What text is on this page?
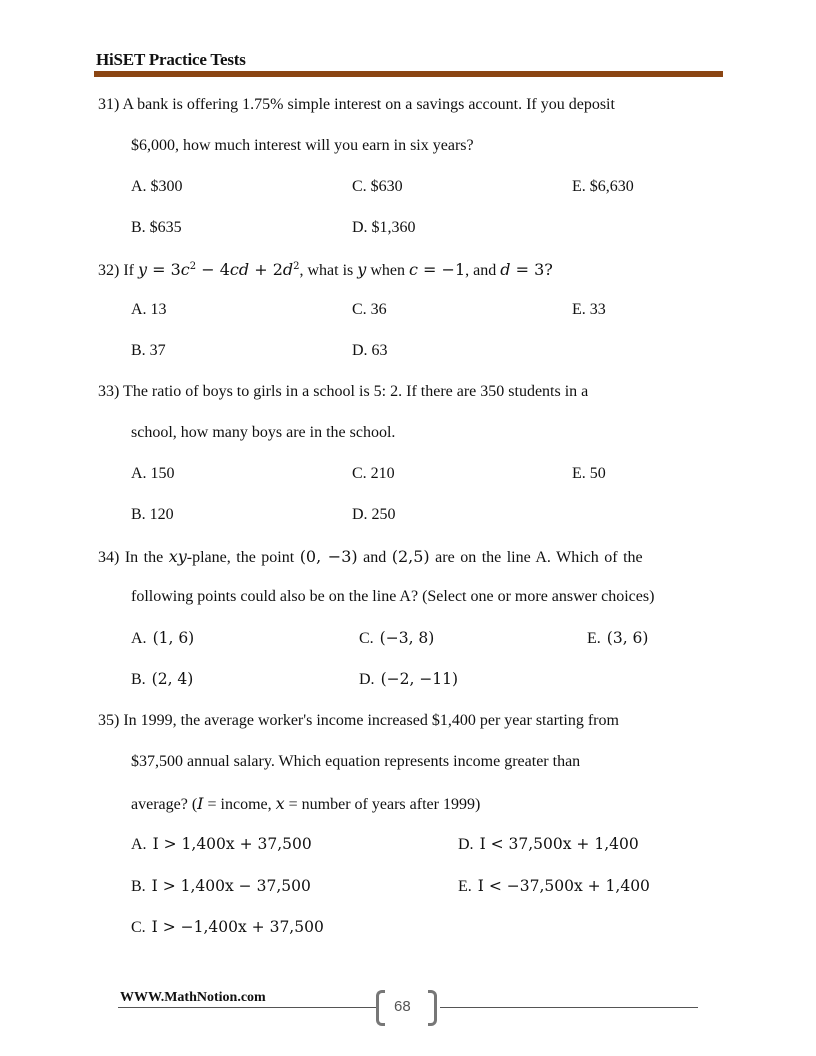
HiSET Practice Tests
31) A bank is offering 1.75% simple interest on a savings account. If you deposit
$6,000, how much interest will you earn in six years?
A. $300	C. $630	E. $6,630
B. $635	D. $1,360
32) If $y = 3c^2 - 4cd + 2d^2$, what is y when c = −1, and d = 3?
A. 13	C. 36	E. 33
B. 37	D. 63
33) The ratio of boys to girls in a school is 5: 2. If there are 350 students in a
school, how many boys are in the school.
A. 150	C. 210	E. 50
B. 120	D. 250
34) In the xy-plane, the point (0, −3) and (2,5) are on the line A. Which of the
following points could also be on the line A? (Select one or more answer choices)
A. (1, 6)	C. (−3, 8)	E. (3, 6)
B. (2, 4)	D. (−2, −11)
35) In 1999, the average worker's income increased $1,400 per year starting from
$37,500 annual salary. Which equation represents income greater than
average? (I = income, x = number of years after 1999)
A. I > 1,400x + 37,500	D. I < 37,500x + 1,400
B. I > 1,400x − 37,500	E. I < −37,500x + 1,400
C. I > −1,400x + 37,500
WWW.MathNotion.com
68
